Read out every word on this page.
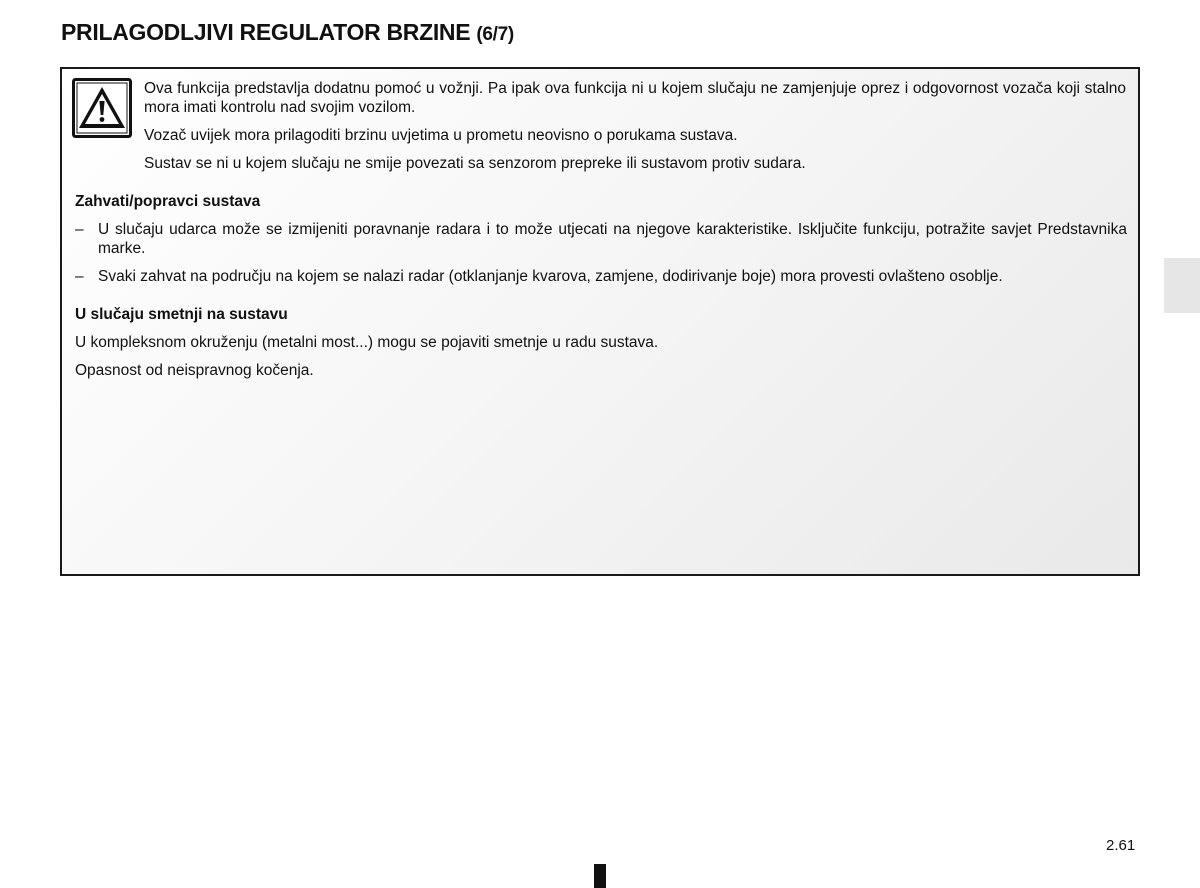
PRILAGODLJIVI REGULATOR BRZINE (6/7)

Ova funkcija predstavlja dodatnu pomoć u vožnji. Pa ipak ova funkcija ni u kojem slučaju ne zamjenjuje oprez i odgovornost vozača koji stalno mora imati kontrolu nad svojim vozilom.

Vozač uvijek mora prilagoditi brzinu uvjetima u prometu neovisno o porukama sustava.

Sustav se ni u kojem slučaju ne smije povezati sa senzorom prepreke ili sustavom protiv sudara.

Zahvati/popravci sustava

– U slučaju udarca može se izmijeniti poravnanje radara i to može utjecati na njegove karakteristike. Isključite funkciju, potražite savjet Predstavnika marke.
– Svaki zahvat na području na kojem se nalazi radar (otklanjanje kvarova, zamjene, dodirivanje boje) mora provesti ovlašteno osoblje.

U slučaju smetnji na sustavu

U kompleksnom okruženju (metalni most...) mogu se pojaviti smetnje u radu sustava.

Opasnost od neispravnog kočenja.

2.61
